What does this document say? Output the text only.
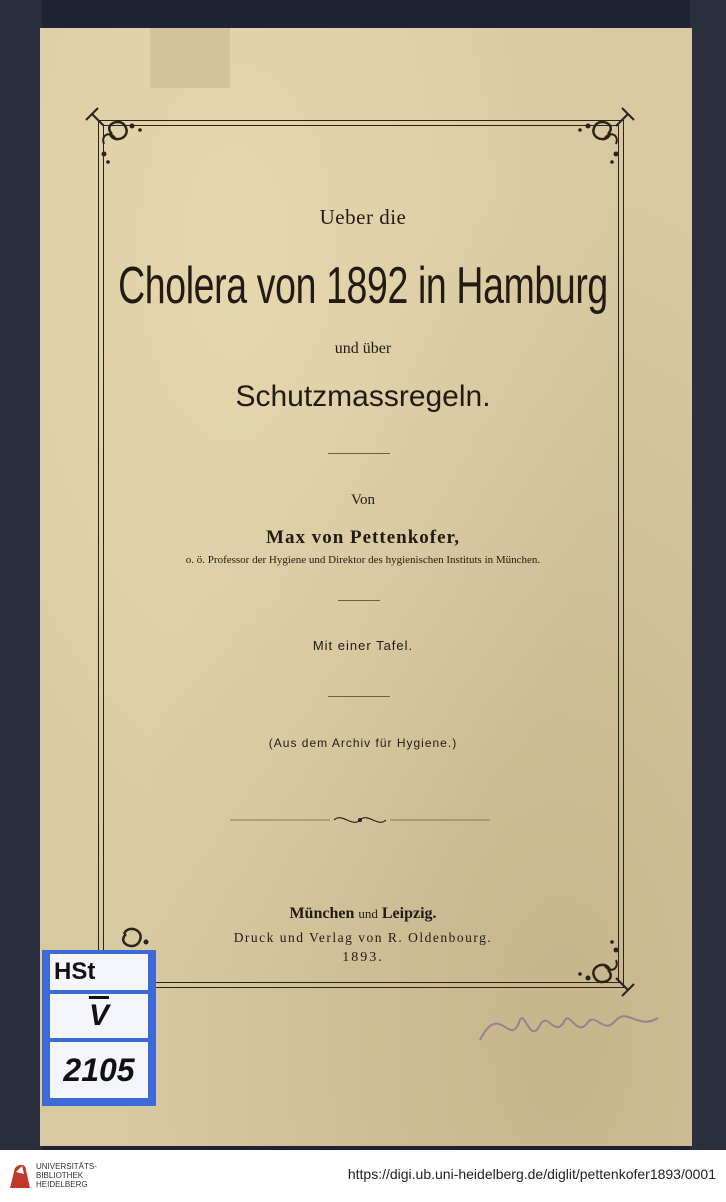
Ueber die
Cholera von 1892 in Hamburg
und über
Schutzmassregeln.
Von
Max von Pettenkofer,
o. ö. Professor der Hygiene und Direktor des hygienischen Instituts in München.
Mit einer Tafel.
(Aus dem Archiv für Hygiene.)
München und Leipzig.
Druck und Verlag von R. Oldenbourg.
1893.
HSt
$\overline{V}$
2105
UNIVERSITÄTS-
BIBLIOTHEK
HEIDELBERG
https://digi.ub.uni-heidelberg.de/diglit/pettenkofer1893/0001
